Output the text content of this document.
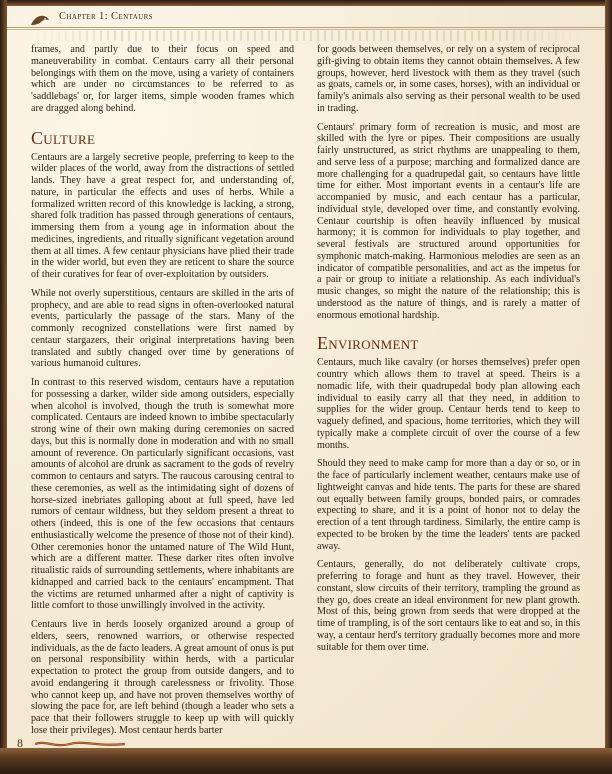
Chapter 1: Centaurs

frames, and partly due to their focus on speed and maneuverability in combat. Centaurs carry all their personal belongings with them on the move, using a variety of containers which are under no circumstances to be referred to as 'saddlebags' or, for larger items, simple wooden frames which are dragged along behind.

Culture

Centaurs are a largely secretive people, preferring to keep to the wilder places of the world, away from the distractions of settled lands. They have a great respect for, and understanding of, nature, in particular the effects and uses of herbs. While a formalized written record of this knowledge is lacking, a strong, shared folk tradition has passed through generations of centaurs, immersing them from a young age in information about the medicines, ingredients, and ritually significant vegetation around them at all times. A few centaur physicians have plied their trade in the wider world, but even they are reticent to share the source of their curatives for fear of over-exploitation by outsiders.

While not overly superstitious, centaurs are skilled in the arts of prophecy, and are able to read signs in often-overlooked natural events, particularly the passage of the stars. Many of the commonly recognized constellations were first named by centaur stargazers, their original interpretations having been translated and subtly changed over time by generations of various humanoid cultures.

In contrast to this reserved wisdom, centaurs have a reputation for possessing a darker, wilder side among outsiders, especially when alcohol is involved, though the truth is somewhat more complicated. Centaurs are indeed known to imbibe spectacularly strong wine of their own making during ceremonies on sacred days, but this is normally done in moderation and with no small amount of reverence. On particularly significant occasions, vast amounts of alcohol are drunk as sacrament to the gods of revelry common to centaurs and satyrs. The raucous carousing central to these ceremonies, as well as the intimidating sight of dozens of horse-sized inebriates galloping about at full speed, have led rumors of centaur wildness, but they seldom present a threat to others (indeed, this is one of the few occasions that centaurs enthusiastically welcome the presence of those not of their kind). Other ceremonies honor the untamed nature of The Wild Hunt, which are a different matter. These darker rites often involve ritualistic raids of surrounding settlements, where inhabitants are kidnapped and carried back to the centaurs' encampment. That the victims are returned unharmed after a night of captivity is little comfort to those unwillingly involved in the activity.

Centaurs live in herds loosely organized around a group of elders, seers, renowned warriors, or otherwise respected individuals, as the de facto leaders. A great amount of onus is put on personal responsibility within herds, with a particular expectation to protect the group from outside dangers, and to avoid endangering it through carelessness or frivolity. Those who cannot keep up, and have not proven themselves worthy of slowing the pace for, are left behind (though a leader who sets a pace that their followers struggle to keep up with will quickly lose their privileges). Most centaur herds barter

for goods between themselves, or rely on a system of reciprocal gift-giving to obtain items they cannot obtain themselves. A few groups, however, herd livestock with them as they travel (such as goats, camels or, in some cases, horses), with an individual or family's animals also serving as their personal wealth to be used in trading.

Centaurs' primary form of recreation is music, and most are skilled with the lyre or pipes. Their compositions are usually fairly unstructured, as strict rhythms are unappealing to them, and serve less of a purpose; marching and formalized dance are more challenging for a quadrupedal gait, so centaurs have little time for either. Most important events in a centaur's life are accompanied by music, and each centaur has a particular, individual style, developed over time, and constantly evolving. Centaur courtship is often heavily influenced by musical harmony; it is common for individuals to play together, and several festivals are structured around opportunities for symphonic match-making. Harmonious melodies are seen as an indicator of compatible personalities, and act as the impetus for a pair or group to initiate a relationship. As each individual's music changes, so might the nature of the relationship; this is understood as the nature of things, and is rarely a matter of enormous emotional hardship.

Environment

Centaurs, much like cavalry (or horses themselves) prefer open country which allows them to travel at speed. Theirs is a nomadic life, with their quadrupedal body plan allowing each individual to easily carry all that they need, in addition to supplies for the wider group. Centaur herds tend to keep to vaguely defined, and spacious, home territories, which they will typically make a complete circuit of over the course of a few months.

Should they need to make camp for more than a day or so, or in the face of particularly inclement weather, centaurs make use of lightweight canvas and hide tents. The parts for these are shared out equally between family groups, bonded pairs, or comrades expecting to share, and it is a point of honor not to delay the erection of a tent through tardiness. Similarly, the entire camp is expected to be broken by the time the leaders' tents are packed away.

Centaurs, generally, do not deliberately cultivate crops, preferring to forage and hunt as they travel. However, their constant, slow circuits of their territory, trampling the ground as they go, does create an ideal environment for new plant growth. Most of this, being grown from seeds that were dropped at the time of trampling, is of the sort centaurs like to eat and so, in this way, a centaur herd's territory gradually becomes more and more suitable for them over time.

8
